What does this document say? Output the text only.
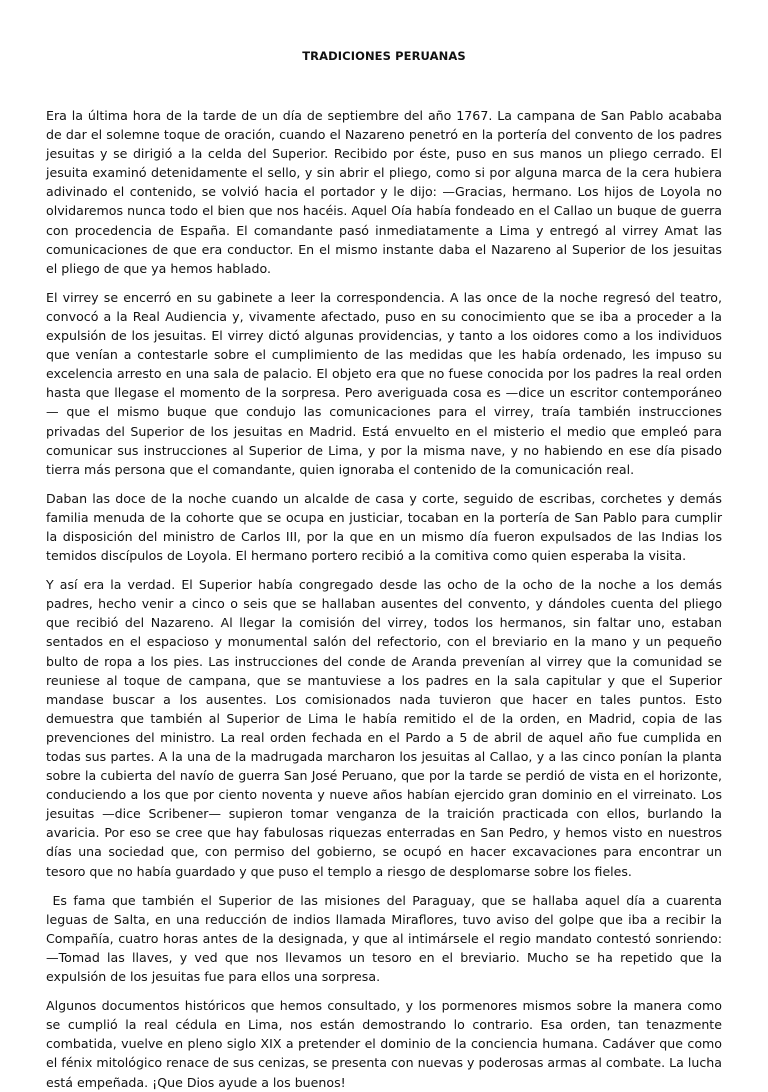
TRADICIONES PERUANAS

Era la última hora de la tarde de un día de septiembre del año 1767. La campana de San Pablo acababa de dar el solemne toque de oración, cuando el Nazareno penetró en la portería del convento de los padres jesuitas y se dirigió a la celda del Superior. Recibido por éste, puso en sus manos un pliego cerrado. El jesuita examinó detenidamente el sello, y sin abrir el pliego, como si por alguna marca de la cera hubiera adivinado el contenido, se volvió hacia el portador y le dijo: —Gracias, hermano. Los hijos de Loyola no olvidaremos nunca todo el bien que nos hacéis. Aquel Oía había fondeado en el Callao un buque de guerra con procedencia de España. El comandante pasó inmediatamente a Lima y entregó al virrey Amat las comunicaciones de que era conductor. En el mismo instante daba el Nazareno al Superior de los jesuitas el pliego de que ya hemos hablado.

El virrey se encerró en su gabinete a leer la correspondencia. A las once de la noche regresó del teatro, convocó a la Real Audiencia y, vivamente afectado, puso en su conocimiento que se iba a proceder a la expulsión de los jesuitas. El virrey dictó algunas providencias, y tanto a los oidores como a los individuos que venían a contestarle sobre el cumplimiento de las medidas que les había ordenado, les impuso su excelencia arresto en una sala de palacio. El objeto era que no fuese conocida por los padres la real orden hasta que llegase el momento de la sorpresa. Pero averiguada cosa es —dice un escritor contemporáneo— que el mismo buque que condujo las comunicaciones para el virrey, traía también instrucciones privadas del Superior de los jesuitas en Madrid. Está envuelto en el misterio el medio que empleó para comunicar sus instrucciones al Superior de Lima, y por la misma nave, y no habiendo en ese día pisado tierra más persona que el comandante, quien ignoraba el contenido de la comunicación real.

Daban las doce de la noche cuando un alcalde de casa y corte, seguido de escribas, corchetes y demás familia menuda de la cohorte que se ocupa en justiciar, tocaban en la portería de San Pablo para cumplir la disposición del ministro de Carlos III, por la que en un mismo día fueron expulsados de las Indias los temidos discípulos de Loyola. El hermano portero recibió a la comitiva como quien esperaba la visita.

Y así era la verdad. El Superior había congregado desde las ocho de la ocho de la noche a los demás padres, hecho venir a cinco o seis que se hallaban ausentes del convento, y dándoles cuenta del pliego que recibió del Nazareno. Al llegar la comisión del virrey, todos los hermanos, sin faltar uno, estaban sentados en el espacioso y monumental salón del refectorio, con el breviario en la mano y un pequeño bulto de ropa a los pies. Las instrucciones del conde de Aranda prevenían al virrey que la comunidad se reuniese al toque de campana, que se mantuviese a los padres en la sala capitular y que el Superior mandase buscar a los ausentes. Los comisionados nada tuvieron que hacer en tales puntos. Esto demuestra que también al Superior de Lima le había remitido el de la orden, en Madrid, copia de las prevenciones del ministro. La real orden fechada en el Pardo a 5 de abril de aquel año fue cumplida en todas sus partes. A la una de la madrugada marcharon los jesuitas al Callao, y a las cinco ponían la planta sobre la cubierta del navío de guerra San José Peruano, que por la tarde se perdió de vista en el horizonte, conduciendo a los que por ciento noventa y nueve años habían ejercido gran dominio en el virreinato. Los jesuitas —dice Scribener— supieron tomar venganza de la traición practicada con ellos, burlando la avaricia. Por eso se cree que hay fabulosas riquezas enterradas en San Pedro, y hemos visto en nuestros días una sociedad que, con permiso del gobierno, se ocupó en hacer excavaciones para encontrar un tesoro que no había guardado y que puso el templo a riesgo de desplomarse sobre los fieles.

Es fama que también el Superior de las misiones del Paraguay, que se hallaba aquel día a cuarenta leguas de Salta, en una reducción de indios llamada Miraflores, tuvo aviso del golpe que iba a recibir la Compañía, cuatro horas antes de la designada, y que al intimársele el regio mandato contestó sonriendo: —Tomad las llaves, y ved que nos llevamos un tesoro en el breviario. Mucho se ha repetido que la expulsión de los jesuitas fue para ellos una sorpresa.

Algunos documentos históricos que hemos consultado, y los pormenores mismos sobre la manera como se cumplió la real cédula en Lima, nos están demostrando lo contrario. Esa orden, tan tenazmente combatida, vuelve en pleno siglo XIX a pretender el dominio de la conciencia humana. Cadáver que como el fénix mitológico renace de sus cenizas, se presenta con nuevas y poderosas armas al combate. La lucha está empeñada. ¡Que Dios ayude a los buenos!
